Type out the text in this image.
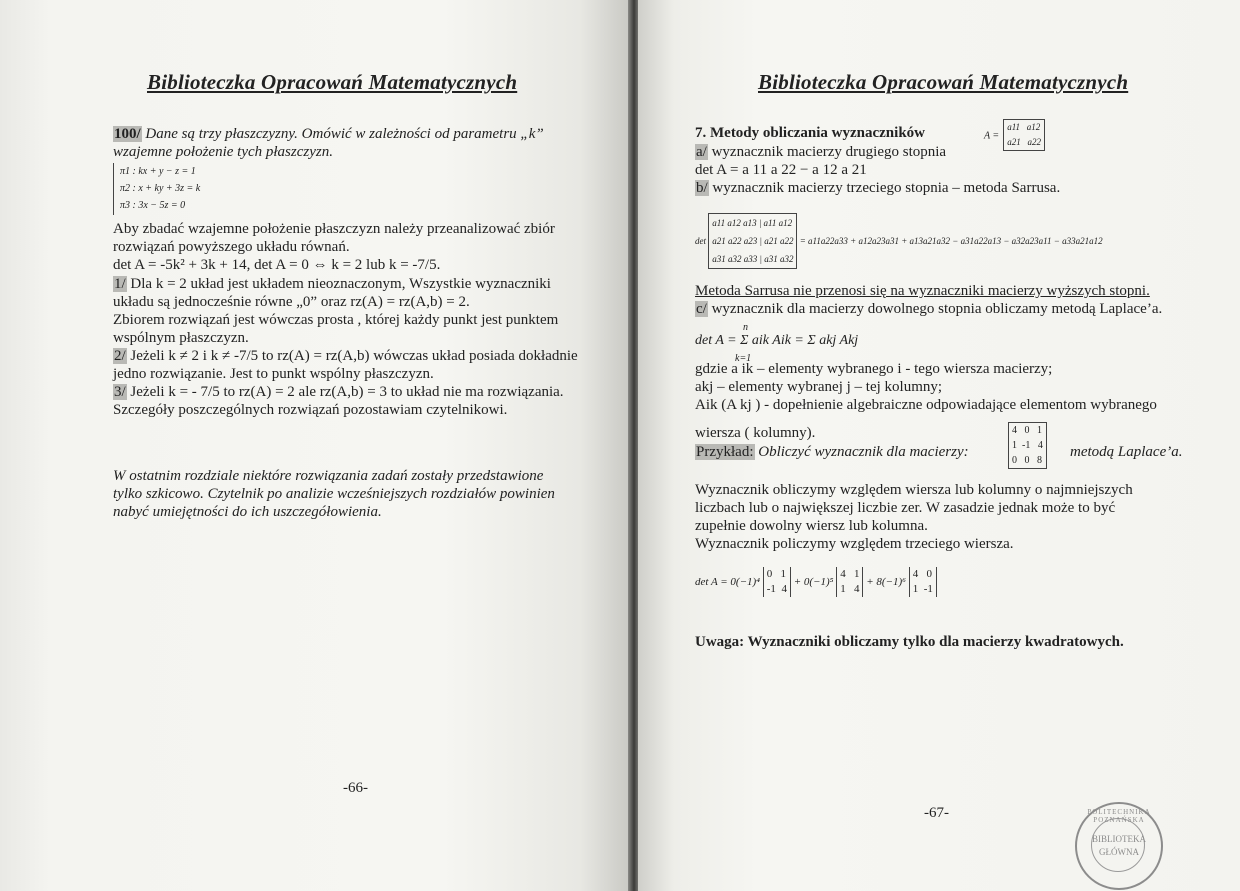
Biblioteczka Opracowań Matematycznych
100/ Dane są trzy płaszczyzny. Omówić w zależności od parametru „k”
wzajemne położenie tych płaszczyzn.
π1 : kx + y − z = 1
π2 : x + ky + 3z = k
π3 : 3x − 5z = 0
Aby zbadać wzajemne położenie płaszczyzn należy przeanalizować zbiór
rozwiązań powyższego układu równań.
det A = -5k² + 3k + 14, det A = 0 ⇔ k = 2 lub k = -7/5.
1/ Dla k = 2 układ jest układem nieoznaczonym, Wszystkie wyznaczniki
układu są jednocześnie równe „0” oraz rz(A) = rz(A,b) = 2.
Zbiorem rozwiązań jest wówczas prosta , której każdy punkt jest punktem
wspólnym płaszczyzn.
2/ Jeżeli k ≠ 2 i k ≠ -7/5 to rz(A) = rz(A,b) wówczas układ posiada dokładnie
jedno rozwiązanie. Jest to punkt wspólny płaszczyzn.
3/ Jeżeli k = - 7/5 to rz(A) = 2 ale rz(A,b) = 3 to układ nie ma rozwiązania.
Szczegóły poszczególnych rozwiązań pozostawiam czytelnikowi.
W ostatnim rozdziale niektóre rozwiązania zadań zostały przedstawione
tylko szkicowo. Czytelnik po analizie wcześniejszych rozdziałów powinien
nabyć umiejętności do ich uszczegółowienia.
-66-
Biblioteczka Opracowań Matematycznych
7. Metody obliczania wyznaczników	A = a11 a12
a21 a22
a/ wyznacznik macierzy drugiego stopnia
det A = a 11 a 22 − a 12 a 21
b/ wyznacznik macierzy trzeciego stopnia – metoda Sarrusa.
det a11 a12 a13 | a11 a12
a21 a22 a23 | a21 a22
a31 a32 a33 | a31 a32 = a11a22a33 + a12a23a31 + a13a21a32 − a31a22a13 − a32a23a11 − a33a21a12
Metoda Sarrusa nie przenosi się na wyznaczniki macierzy wyższych stopni.
c/ wyznacznik dla macierzy dowolnego stopnia obliczamy metodą Laplace’a.
n
det A = Σ aik Aik = Σ akj Akj
k=1
gdzie a ik – elementy wybranego i - tego wiersza macierzy;
akj – elementy wybranej j – tej kolumny;
Aik (A kj ) - dopełnienie algebraiczne odpowiadające elementom wybranego
wiersza ( kolumny).
Przykład: Obliczyć wyznacznik dla macierzy:
4 0 1
1 -1 4
0 0 8
metodą Laplace’a.
Wyznacznik obliczymy względem wiersza lub kolumny o najmniejszych
liczbach lub o największej liczbie zer. W zasadzie jednak może to być
zupełnie dowolny wiersz lub kolumna.
Wyznacznik policzymy względem trzeciego wiersza.
det A = 0(−1)⁴ 0 1
-1 4 + 0(−1)⁵ 4 1
1 4 + 8(−1)⁶ 4 0
1 -1
Uwaga: Wyznaczniki obliczamy tylko dla macierzy kwadratowych.
-67-	POLITECHNIKA POZNAŃSKA
BIBLIOTEKA
GŁÓWNA
